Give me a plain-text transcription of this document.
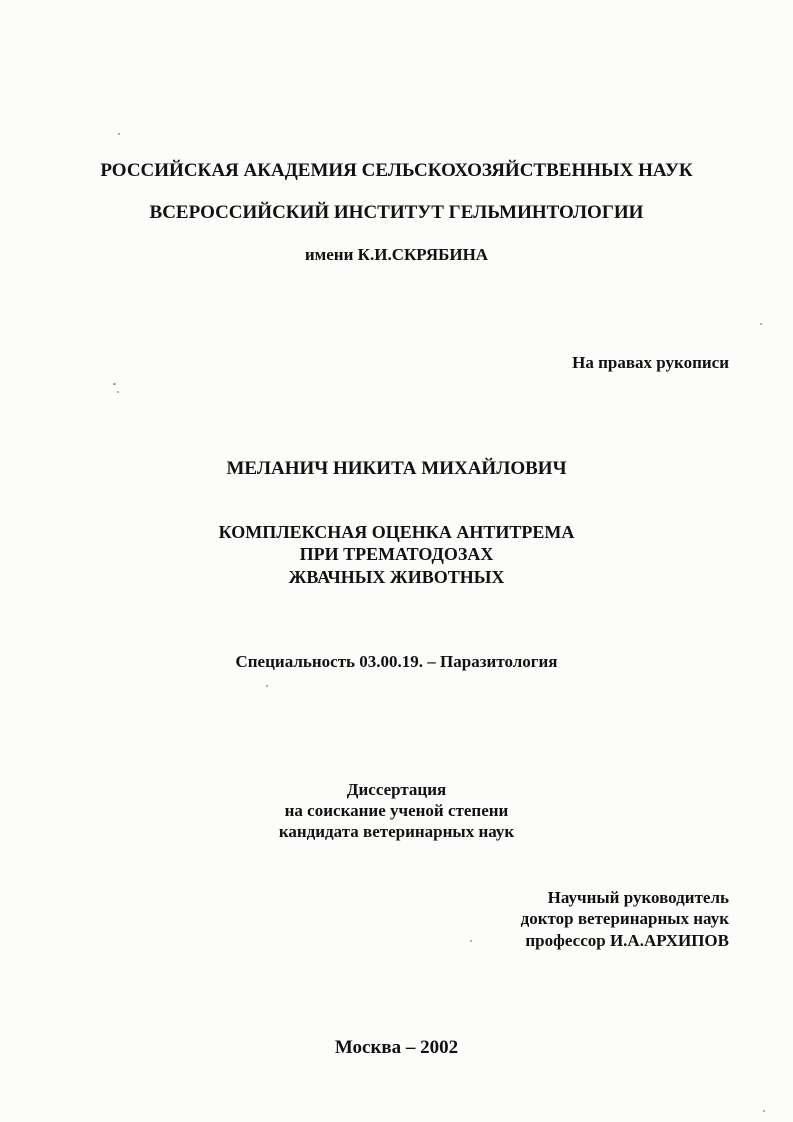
РОССИЙСКАЯ АКАДЕМИЯ СЕЛЬСКОХОЗЯЙСТВЕННЫХ НАУК
ВСЕРОССИЙСКИЙ ИНСТИТУТ ГЕЛЬМИНТОЛОГИИ
имени К.И.СКРЯБИНА
На правах рукописи
МЕЛАНИЧ НИКИТА МИХАЙЛОВИЧ
КОМПЛЕКСНАЯ ОЦЕНКА АНТИТРЕМА
ПРИ ТРЕМАТОДОЗАХ
ЖВАЧНЫХ ЖИВОТНЫХ
Специальность 03.00.19. – Паразитология
Диссертация
на соискание ученой степени
кандидата ветеринарных наук
Научный руководитель
доктор ветеринарных наук
профессор И.А.АРХИПОВ
Москва – 2002
